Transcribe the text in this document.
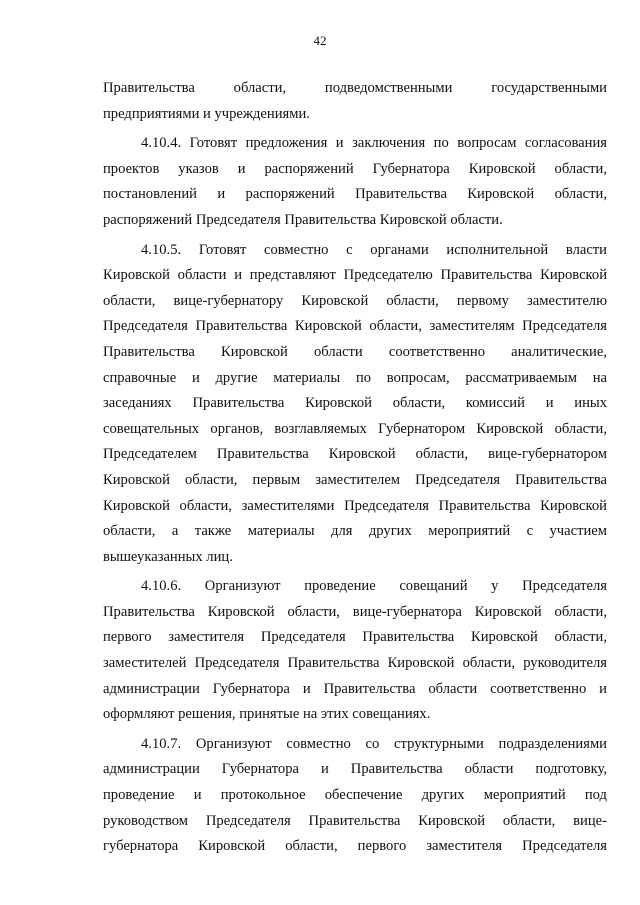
42

Правительства области, подведомственными государственными
предприятиями и учреждениями.

4.10.4. Готовят предложения и заключения по вопросам согласования
проектов указов и распоряжений Губернатора Кировской области,
постановлений и распоряжений Правительства Кировской области,
распоряжений Председателя Правительства Кировской области.

4.10.5. Готовят совместно с органами исполнительной власти
Кировской области и представляют Председателю Правительства Кировской
области, вице-губернатору Кировской области, первому заместителю
Председателя Правительства Кировской области, заместителям Председателя
Правительства Кировской области соответственно аналитические,
справочные и другие материалы по вопросам, рассматриваемым на
заседаниях Правительства Кировской области, комиссий и иных
совещательных органов, возглавляемых Губернатором Кировской области,
Председателем Правительства Кировской области, вице-губернатором
Кировской области, первым заместителем Председателя Правительства
Кировской области, заместителями Председателя Правительства Кировской
области, а также материалы для других мероприятий с участием
вышеуказанных лиц.

4.10.6. Организуют проведение совещаний у Председателя
Правительства Кировской области, вице-губернатора Кировской области,
первого заместителя Председателя Правительства Кировской области,
заместителей Председателя Правительства Кировской области, руководителя
администрации Губернатора и Правительства области соответственно и
оформляют решения, принятые на этих совещаниях.

4.10.7. Организуют совместно со структурными подразделениями
администрации Губернатора и Правительства области подготовку,
проведение и протокольное обеспечение других мероприятий под
руководством Председателя Правительства Кировской области, вице-
губернатора Кировской области, первого заместителя Председателя
